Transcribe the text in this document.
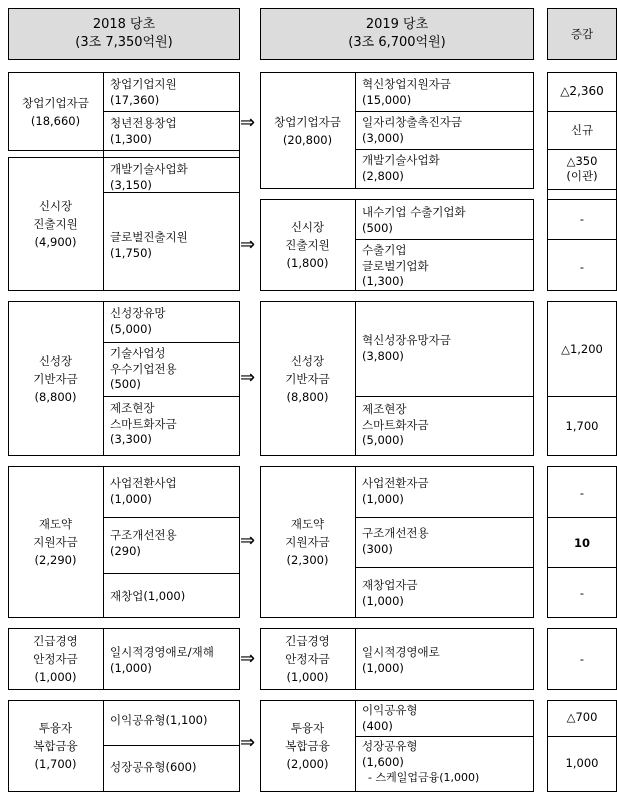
2018 당초
(3조 7,350억원)
2019 당초
(3조 6,700억원)
증감
창업기업자금
(18,660)
창업기업지원
(17,360)
청년전용창업
(1,300)
신시장
진출지원
(4,900)
개발기술사업화
(3,150)
글로벌진출지원
(1,750)
창업기업자금
(20,800)
혁신창업지원자금
(15,000)
일자리창출촉진자금
(3,000)
개발기술사업화
(2,800)
신시장
진출지원
(1,800)
내수기업 수출기업화
(500)
수출기업
글로벌기업화
(1,300)
⇒
⇒
△2,360
신규
△350
(이관)
-
-
신성장
기반자금
(8,800)
신성장유망
(5,000)
기술사업성
우수기업전용
(500)
제조현장
스마트화자금
(3,300)
신성장
기반자금
(8,800)
혁신성장유망자금
(3,800)
제조현장
스마트화자금
(5,000)
⇒
△1,200
1,700
재도약
지원자금
(2,290)
사업전환사업
(1,000)
구조개선전용
(290)
재창업(1,000)
재도약
지원자금
(2,300)
사업전환자금
(1,000)
구조개선전용
(300)
재창업자금
(1,000)
⇒
-
10
-
긴급경영
안정자금
(1,000)
일시적경영애로/재해
(1,000)
긴급경영
안정자금
(1,000)
일시적경영애로
(1,000)
⇒	-
투융자
복합금융
(1,700)
이익공유형(1,100)
성장공유형(600)
투융자
복합금융
(2,000)
이익공유형
(400)
성장공유형
(1,600)
- 스케일업금융(1,000)
⇒
△700
1,000
